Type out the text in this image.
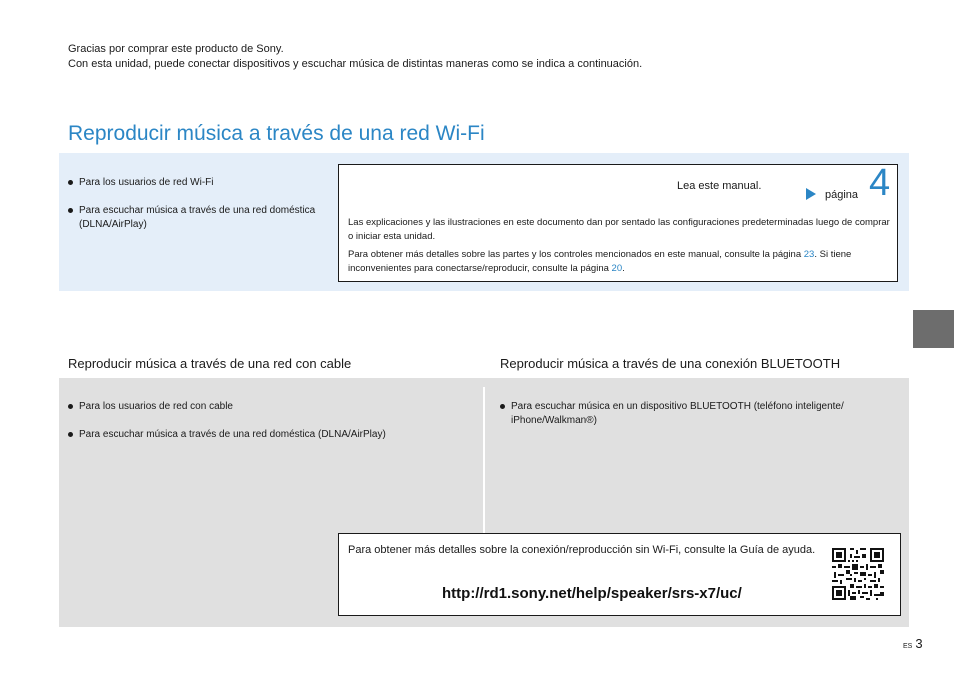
Gracias por comprar este producto de Sony.
Con esta unidad, puede conectar dispositivos y escuchar música de distintas maneras como se indica a continuación.
Reproducir música a través de una red Wi-Fi
Para los usuarios de red Wi-Fi
Para escuchar música a través de una red doméstica (DLNA/AirPlay)
Lea este manual.
página 4

Las explicaciones y las ilustraciones en este documento dan por sentado las configuraciones predeterminadas luego de comprar o iniciar esta unidad.

Para obtener más detalles sobre las partes y los controles mencionados en este manual, consulte la página 23. Si tiene inconvenientes para conectarse/reproducir, consulte la página 20.

Reproducir música a través de una red con cable	Reproducir música a través de una conexión BLUETOOTH
Para los usuarios de red con cable
Para escuchar música a través de una red doméstica (DLNA/AirPlay)
Para escuchar música en un dispositivo BLUETOOTH (teléfono inteligente/ iPhone/Walkman®)
Para obtener más detalles sobre la conexión/reproducción sin Wi-Fi, consulte la Guía de ayuda.
http://rd1.sony.net/help/speaker/srs-x7/uc/
ES 3
